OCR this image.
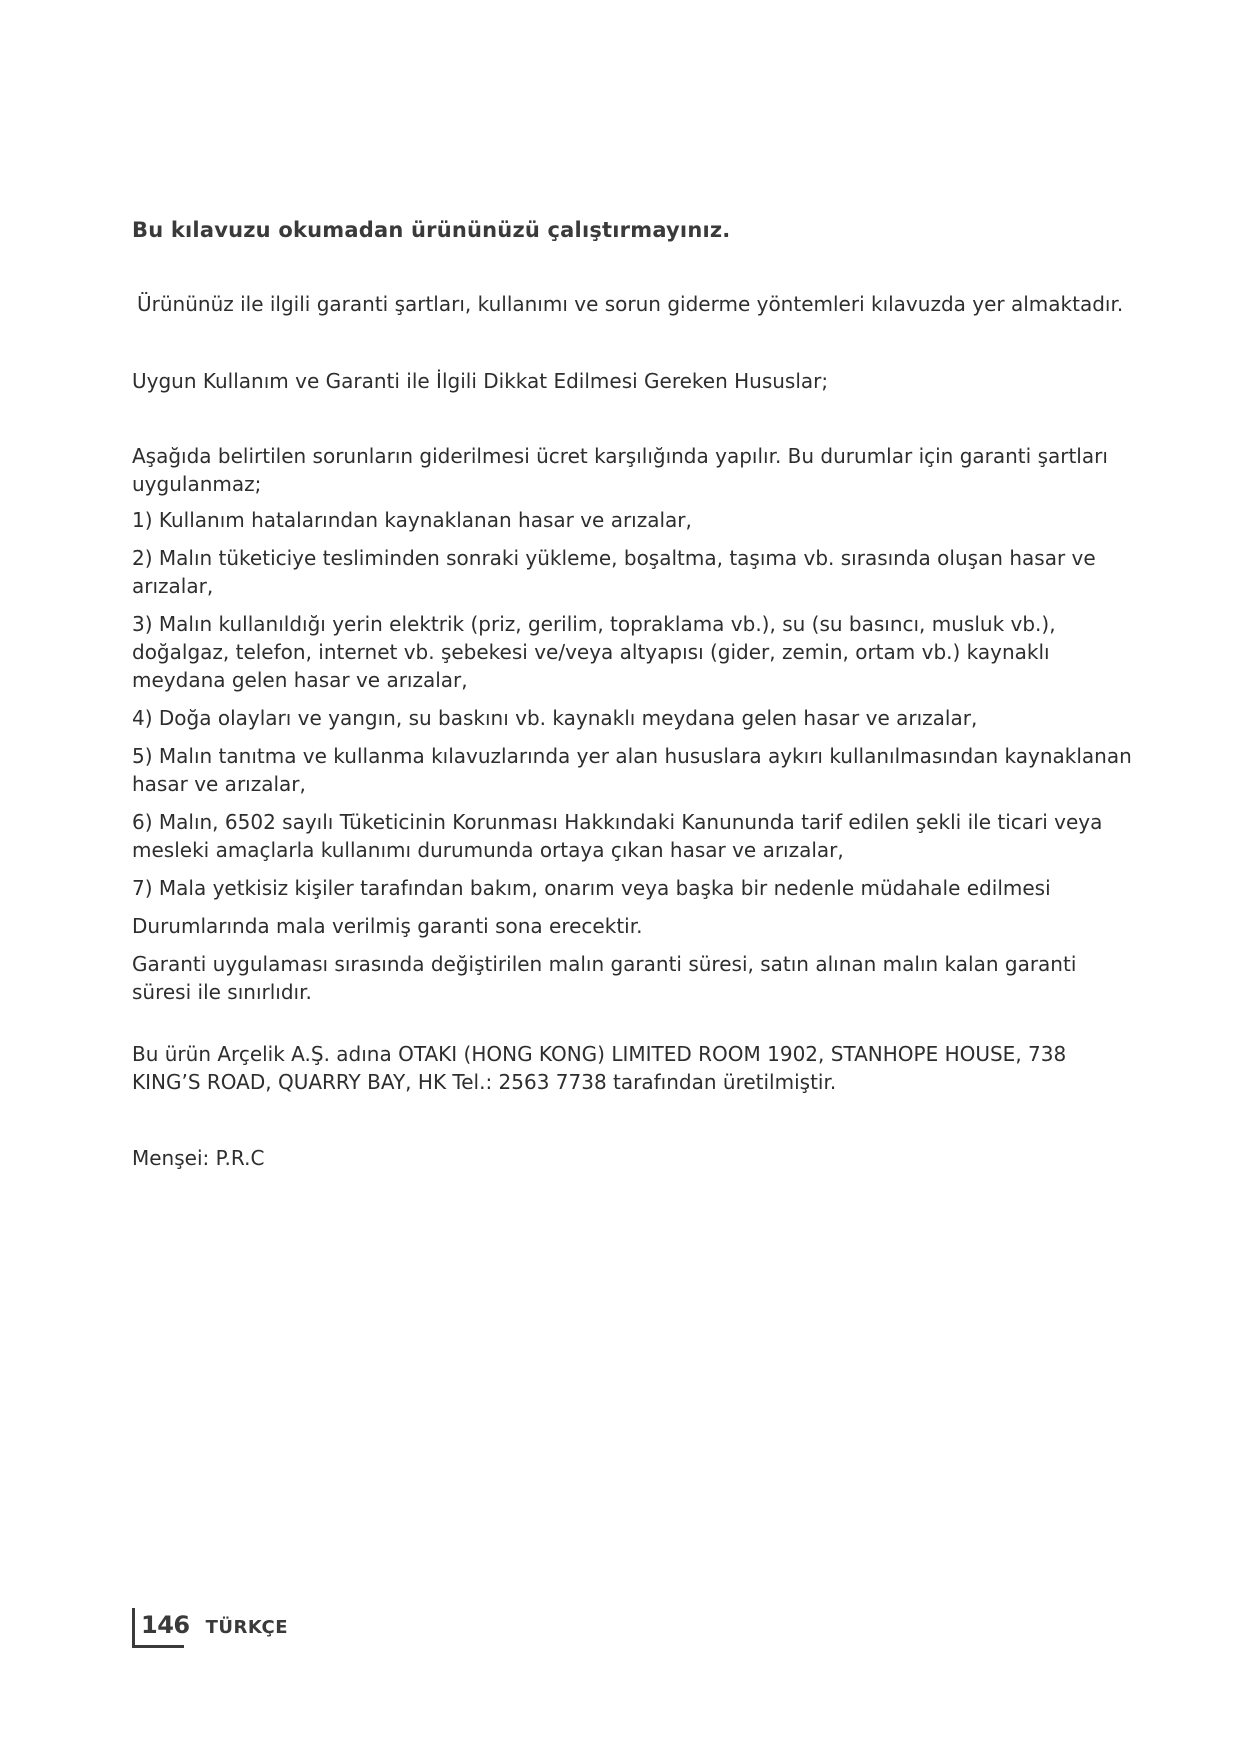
Bu kılavuzu okumadan ürününüzü çalıştırmayınız.
Ürününüz ile ilgili garanti şartları, kullanımı ve sorun giderme yöntemleri kılavuzda yer almaktadır.
Uygun Kullanım ve Garanti ile İlgili Dikkat Edilmesi Gereken Hususlar;
Aşağıda belirtilen sorunların giderilmesi ücret karşılığında yapılır. Bu durumlar için garanti şartları uygulanmaz;
1) Kullanım hatalarından kaynaklanan hasar ve arızalar,
2) Malın tüketiciye tesliminden sonraki yükleme, boşaltma, taşıma vb. sırasında oluşan hasar ve arızalar,
3) Malın kullanıldığı yerin elektrik (priz, gerilim, topraklama vb.), su (su basıncı, musluk vb.), doğalgaz, telefon, internet vb. şebekesi ve/veya altyapısı (gider, zemin, ortam vb.) kaynaklı meydana gelen hasar ve arızalar,
4) Doğa olayları ve yangın, su baskını vb. kaynaklı meydana gelen hasar ve arızalar,
5) Malın tanıtma ve kullanma kılavuzlarında yer alan hususlara aykırı kullanılmasından kaynaklanan hasar ve arızalar,
6) Malın, 6502 sayılı Tüketicinin Korunması Hakkındaki Kanununda tarif edilen şekli ile ticari veya mesleki amaçlarla kullanımı durumunda ortaya çıkan hasar ve arızalar,
7) Mala yetkisiz kişiler tarafından bakım, onarım veya başka bir nedenle müdahale edilmesi
Durumlarında mala verilmiş garanti sona erecektir.
Garanti uygulaması sırasında değiştirilen malın garanti süresi, satın alınan malın kalan garanti süresi ile sınırlıdır.
Bu ürün Arçelik A.Ş. adına OTAKI (HONG KONG) LIMITED ROOM 1902, STANHOPE HOUSE, 738 KING’S ROAD, QUARRY BAY, HK Tel.: 2563 7738 tarafından üretilmiştir.
Menşei: P.R.C
146 TÜRKÇE
